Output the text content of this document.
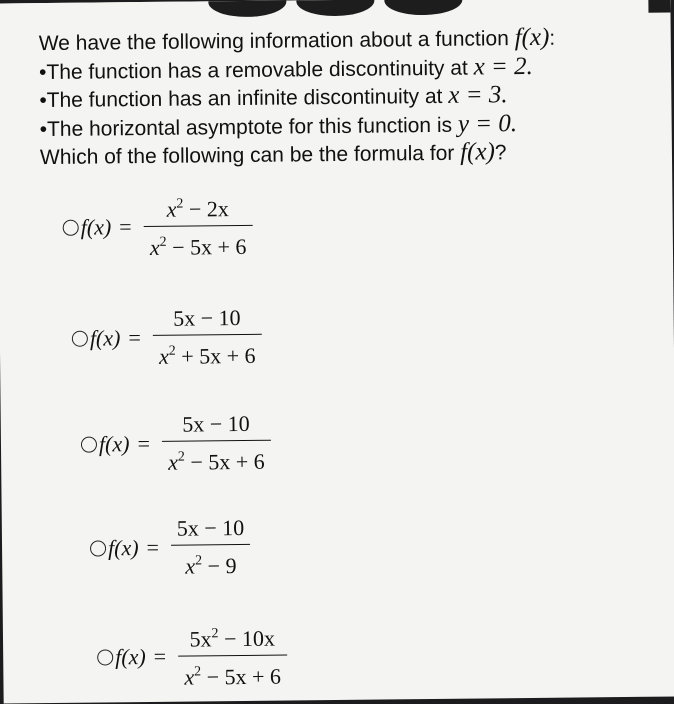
We have the following information about a function f(x):
•The function has a removable discontinuity at x = 2.
•The function has an infinite discontinuity at x = 3.
•The horizontal asymptote for this function is y = 0.
Which of the following can be the formula for f(x)?
$f(x) = \frac{x^2 - 2x}{x^2 - 5x + 6}$
$f(x) = \frac{5x - 10}{x^2 + 5x + 6}$
$f(x) = \frac{5x - 10}{x^2 - 5x + 6}$
$f(x) = \frac{5x - 10}{x^2 - 9}$
$f(x) = \frac{5x^2 - 10x}{x^2 - 5x + 6}$
